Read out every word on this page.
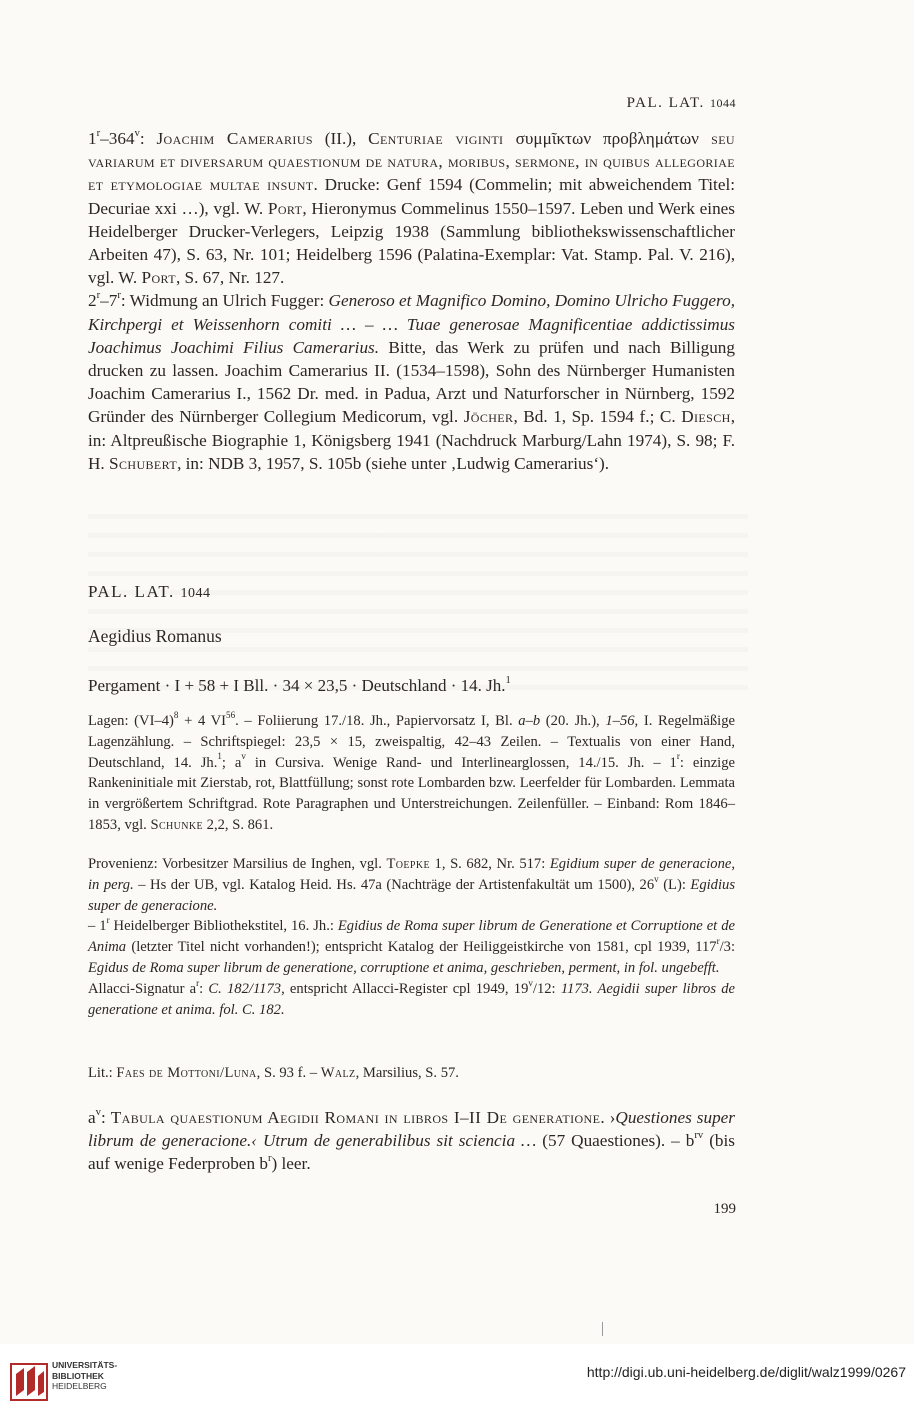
PAL. LAT. 1044

1$^r$–364$^v$: Joachim Camerarius (II.), Centuriae viginti συμμῖκτων προβλημάτων seu variarum et diversarum quaestionum de natura, moribus, sermone, in quibus allegoriae et etymologiae multae insunt. Drucke: Genf 1594 (Commelin; mit abweichendem Titel: Decuriae xxi …), vgl. W. Port, Hieronymus Commelinus 1550–1597. Leben und Werk eines Heidelberger Drucker-Verlegers, Leipzig 1938 (Sammlung bibliothekswissenschaftlicher Arbeiten 47), S. 63, Nr. 101; Heidelberg 1596 (Palatina-Exemplar: Vat. Stamp. Pal. V. 216), vgl. W. Port, S. 67, Nr. 127.

2$^r$–7$^r$: Widmung an Ulrich Fugger: Generoso et Magnifico Domino, Domino Ulricho Fuggero, Kirchpergi et Weissenhorn comiti … – … Tuae generosae Magnificentiae addictissimus Joachimus Joachimi Filius Camerarius. Bitte, das Werk zu prüfen und nach Billigung drucken zu lassen. Joachim Camerarius II. (1534–1598), Sohn des Nürnberger Humanisten Joachim Camerarius I., 1562 Dr. med. in Padua, Arzt und Naturforscher in Nürnberg, 1592 Gründer des Nürnberger Collegium Medicorum, vgl. Jöcher, Bd. 1, Sp. 1594 f.; C. Diesch, in: Altpreußische Biographie 1, Königsberg 1941 (Nachdruck Marburg/Lahn 1974), S. 98; F. H. Schubert, in: NDB 3, 1957, S. 105b (siehe unter ‚Ludwig Camerarius‘).

PAL. LAT. 1044
Aegidius Romanus
Pergament · I + 58 + I Bll. · 34 × 23,5 · Deutschland · 14. Jh.$^1$

Lagen: $(VI-4)^8 + 4$ VI$^{56}$. – Foliierung 17./18. Jh., Papiervorsatz I, Bl. a–b (20. Jh.), 1–56, I. Regelmäßige Lagenzählung. – Schriftspiegel: 23,5 × 15, zweispaltig, 42–43 Zeilen. – Textualis von einer Hand, Deutschland, 14. Jh.$^1$; $a^v$ in Cursiva. Wenige Rand- und Interlinearglossen, 14./15. Jh. – 1$^r$: einzige Rankeninitiale mit Zierstab, rot, Blattfüllung; sonst rote Lombarden bzw. Leerfelder für Lombarden. Lemmata in vergrößertem Schriftgrad. Rote Paragraphen und Unterstreichungen. Zeilenfüller. – Einband: Rom 1846–1853, vgl. Schunke 2,2, S. 861.

Provenienz: Vorbesitzer Marsilius de Inghen, vgl. Toepke 1, S. 682, Nr. 517: Egidium super de generacione, in perg. – Hs der UB, vgl. Katalog Heid. Hs. 47a (Nachträge der Artistenfakultät um 1500), 26$^v$ (L): Egidius super de generacione.

– 1$^r$ Heidelberger Bibliothekstitel, 16. Jh.: Egidius de Roma super librum de Generatione et Corruptione et de Anima (letzter Titel nicht vorhanden!); entspricht Katalog der Heiliggeistkirche von 1581, cpl 1939, 117$^r$/3: Egidus de Roma super librum de generatione, corruptione et anima, geschrieben, perment, in fol. ungebefft.

Allacci-Signatur $a^r$: C. 182/1173, entspricht Allacci-Register cpl 1949, 19$^v$/12: 1173. Aegidii super libros de generatione et anima. fol. C. 182.

Lit.: Faes de Mottoni/Luna, S. 93 f. – Walz, Marsilius, S. 57.

$a^v$: Tabula quaestionum Aegidii Romani in libros I–II De generatione. ›Questiones super librum de generacione.‹ Utrum de generabilibus sit sciencia … (57 Quaestiones). – $b^{rv}$ (bis auf wenige Federproben $b^r$) leer.

199
UNIVERSITÄTS-
BIBLIOTHEK
HEIDELBERG
http://digi.ub.uni-heidelberg.de/diglit/walz1999/0267
